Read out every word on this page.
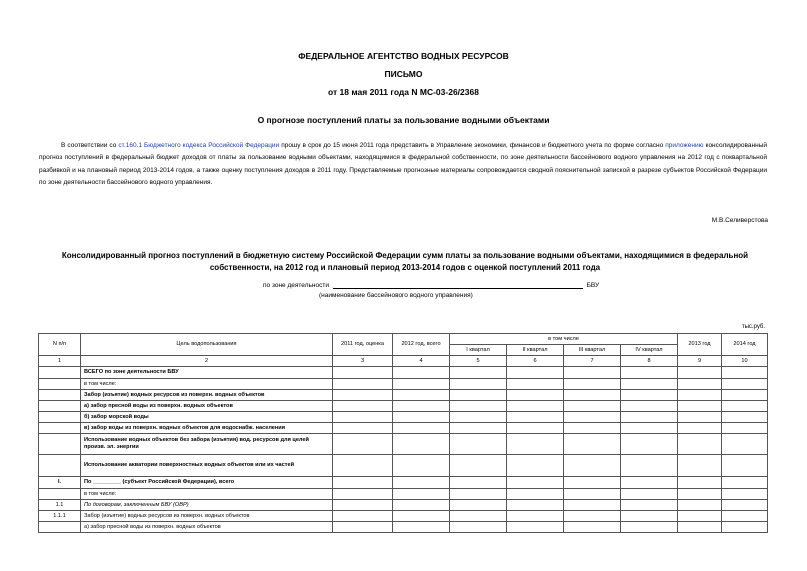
ФЕДЕРАЛЬНОЕ АГЕНТСТВО ВОДНЫХ РЕСУРСОВ
ПИСЬМО
от 18 мая 2011 года N МС-03-26/2368
О прогнозе поступлений платы за пользование водными объектами
В соответствии со ст.160.1 Бюджетного кодекса Российской Федерации прошу в срок до 15 июня 2011 года представить в Управление экономики, финансов и бюджетного учета по форме согласно приложению консолидированный прогноз поступлений в федеральный бюджет доходов от платы за пользование водными объектами, находящимися в федеральной собственности, по зоне деятельности бассейнового водного управления на 2012 год с поквартальной разбивкой и на плановый период 2013-2014 годов, а также оценку поступления доходов в 2011 году. Представляемые прогнозные материалы сопровождается сводной пояснительной запиской в разрезе субъектов Российской Федерации по зоне деятельности бассейнового водного управления.
М.В.Селиверстова
Консолидированный прогноз поступлений в бюджетную систему Российской Федерации сумм платы за пользование водными объектами, находящимися в федеральной собственности, на 2012 год и плановый период 2013-2014 годов с оценкой поступлений 2011 года
по зоне деятельности	БВУ
(наименование бассейнового водного управления)
тыс.руб.
N п/п	Цель водопользования	2011 год, оценка	2012 год, всего	в том числе				2013 год	2014 год
				I квартал	II квартал	III квартал	IV квартал		
1	2	3	4	5	6	7	8	9	10
	ВСЕГО по зоне деятельности БВУ								
	в том числе:								
	Забор (изъятие) водных ресурсов из поверхн. водных объектов								
	а) забор пресной воды из поверхн. водных объектов								
	б) забор морской воды								
	в) забор воды из поверхн. водных объектов для водоснабж. населения								
	Использование водных объектов без забора (изъятия) вод. ресурсов для целей произв. эл. энергии								
	Использование акватории поверхностных водных объектов или их частей								
I.	По _________ (субъект Российской Федерации), всего								
	в том числе:								
1.1	По договорам, заключенным БВУ (ОВР)								
1.1.1	Забор (изъятие) водных ресурсов из поверхн. водных объектов								
	а) забор пресной воды из поверхн. водных объектов								
